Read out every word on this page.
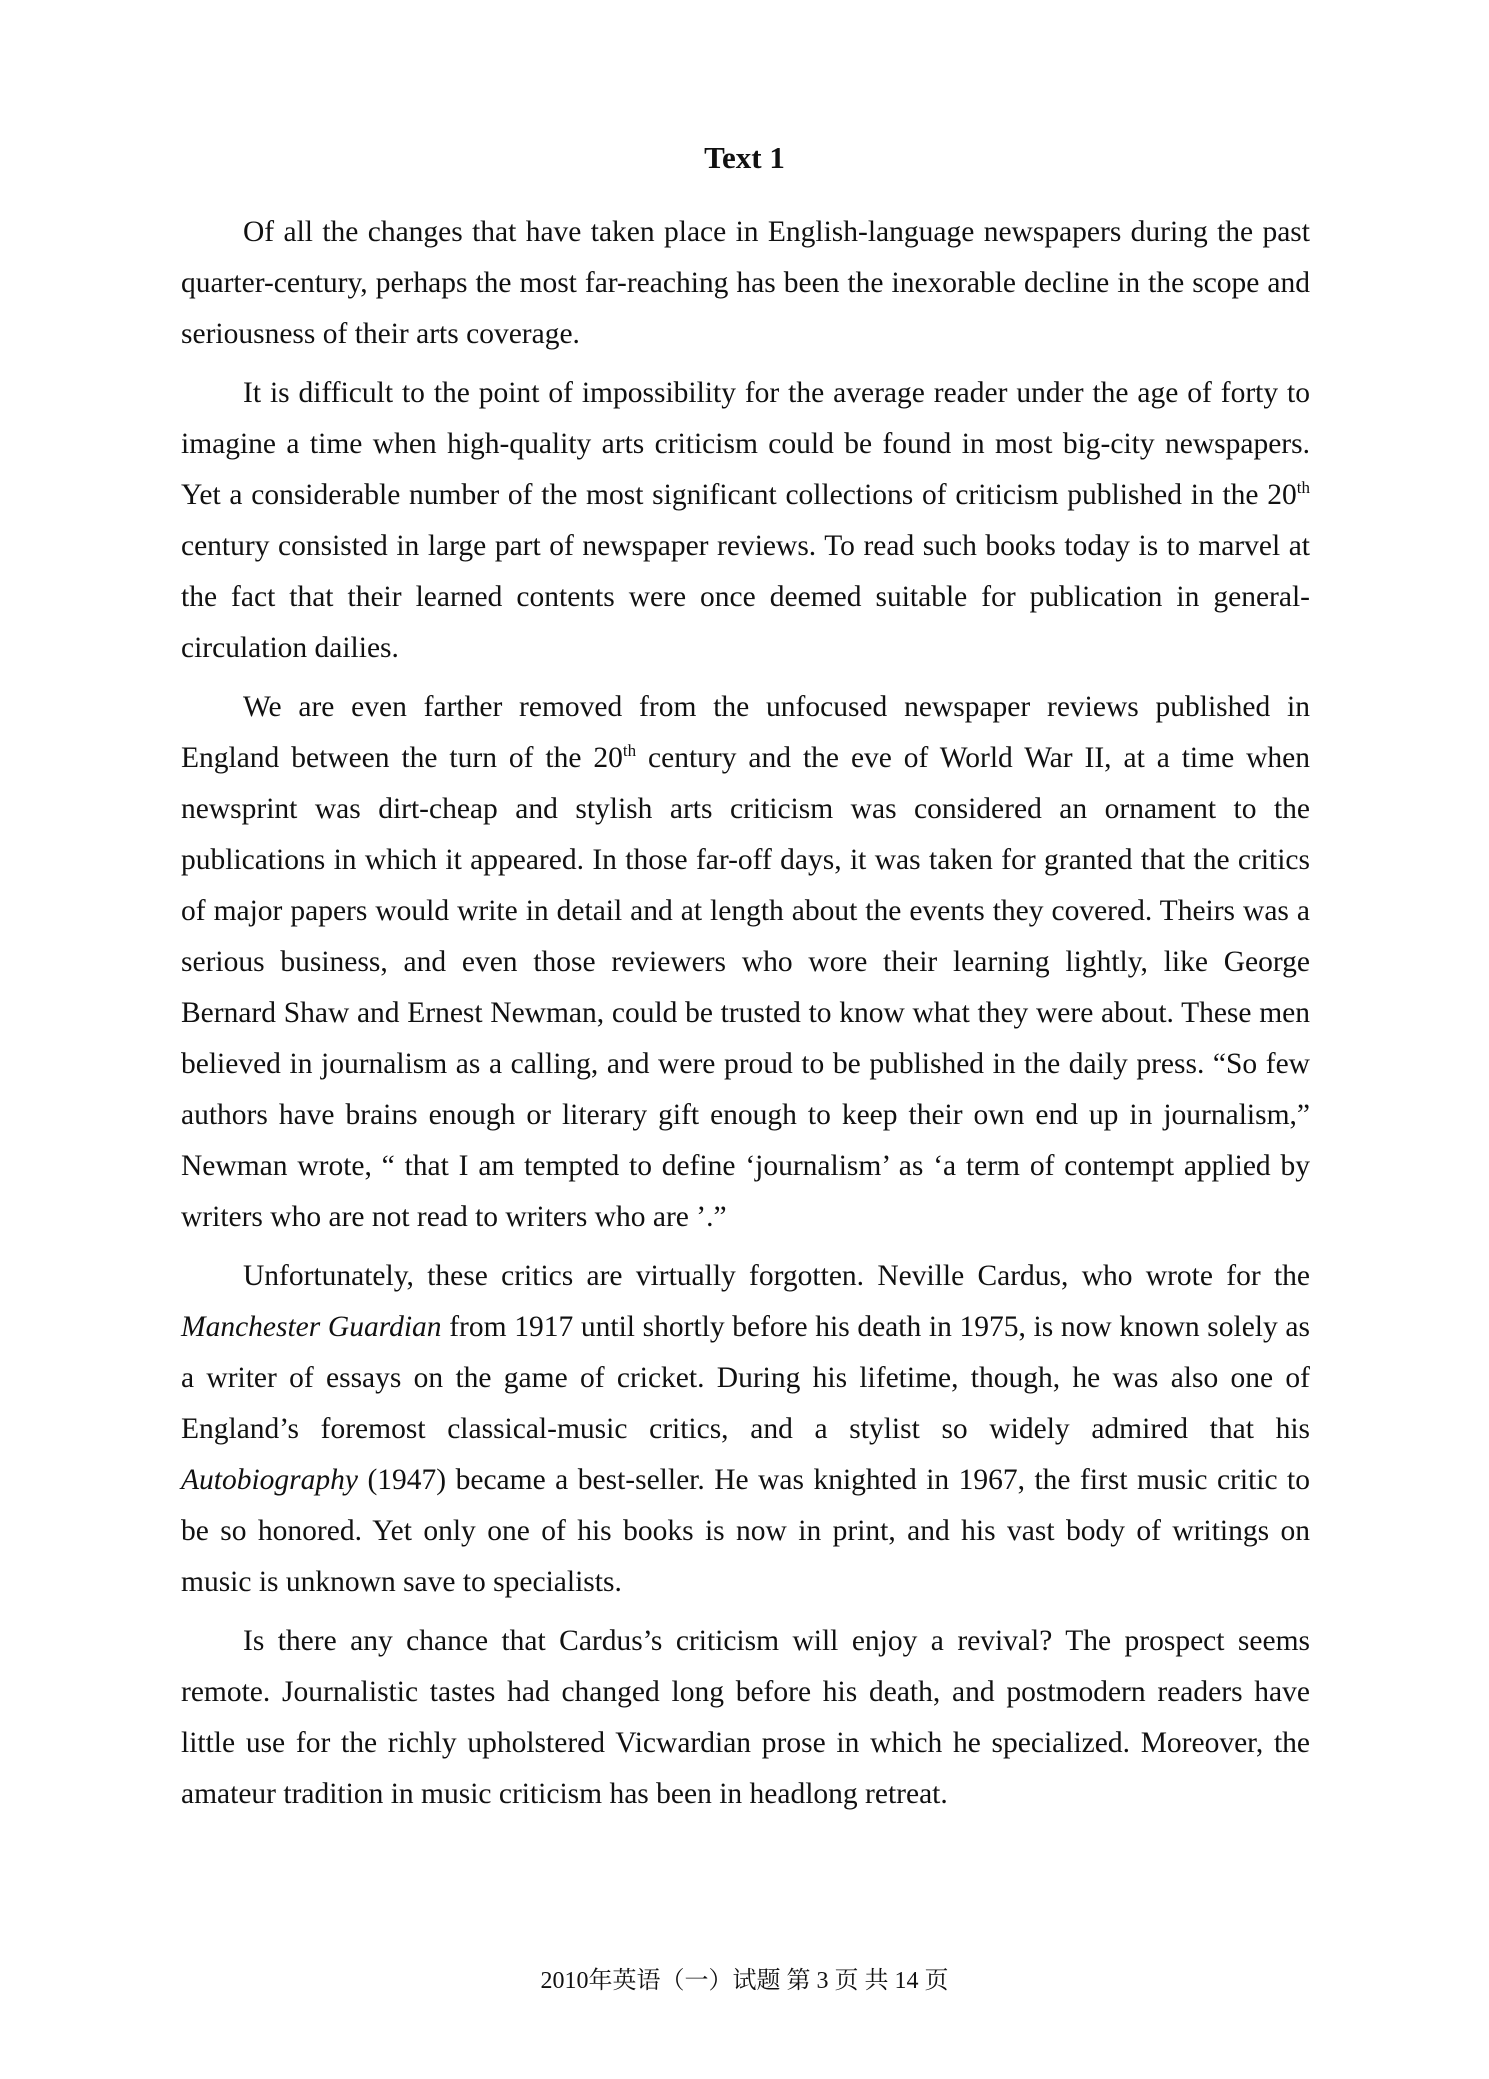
Text 1

Of all the changes that have taken place in English-language newspapers during the past quarter-century, perhaps the most far-reaching has been the inexorable decline in the scope and seriousness of their arts coverage.

It is difficult to the point of impossibility for the average reader under the age of forty to imagine a time when high-quality arts criticism could be found in most big-city newspapers. Yet a considerable number of the most significant collections of criticism published in the 20th century consisted in large part of newspaper reviews. To read such books today is to marvel at the fact that their learned contents were once deemed suitable for publication in general-circulation dailies.

We are even farther removed from the unfocused newspaper reviews published in England between the turn of the 20th century and the eve of World War II, at a time when newsprint was dirt-cheap and stylish arts criticism was considered an ornament to the publications in which it appeared. In those far-off days, it was taken for granted that the critics of major papers would write in detail and at length about the events they covered. Theirs was a serious business, and even those reviewers who wore their learning lightly, like George Bernard Shaw and Ernest Newman, could be trusted to know what they were about. These men believed in journalism as a calling, and were proud to be published in the daily press. “So few authors have brains enough or literary gift enough to keep their own end up in journalism,” Newman wrote, “ that I am tempted to define ‘journalism’ as ‘a term of contempt applied by writers who are not read to writers who are ’.”

Unfortunately, these critics are virtually forgotten. Neville Cardus, who wrote for the Manchester Guardian from 1917 until shortly before his death in 1975, is now known solely as a writer of essays on the game of cricket. During his lifetime, though, he was also one of England’s foremost classical-music critics, and a stylist so widely admired that his Autobiography (1947) became a best-seller. He was knighted in 1967, the first music critic to be so honored. Yet only one of his books is now in print, and his vast body of writings on music is unknown save to specialists.

Is there any chance that Cardus’s criticism will enjoy a revival? The prospect seems remote. Journalistic tastes had changed long before his death, and postmodern readers have little use for the richly upholstered Vicwardian prose in which he specialized. Moreover, the amateur tradition in music criticism has been in headlong retreat.

2010年英语（一）试题 第 3 页 共 14 页
